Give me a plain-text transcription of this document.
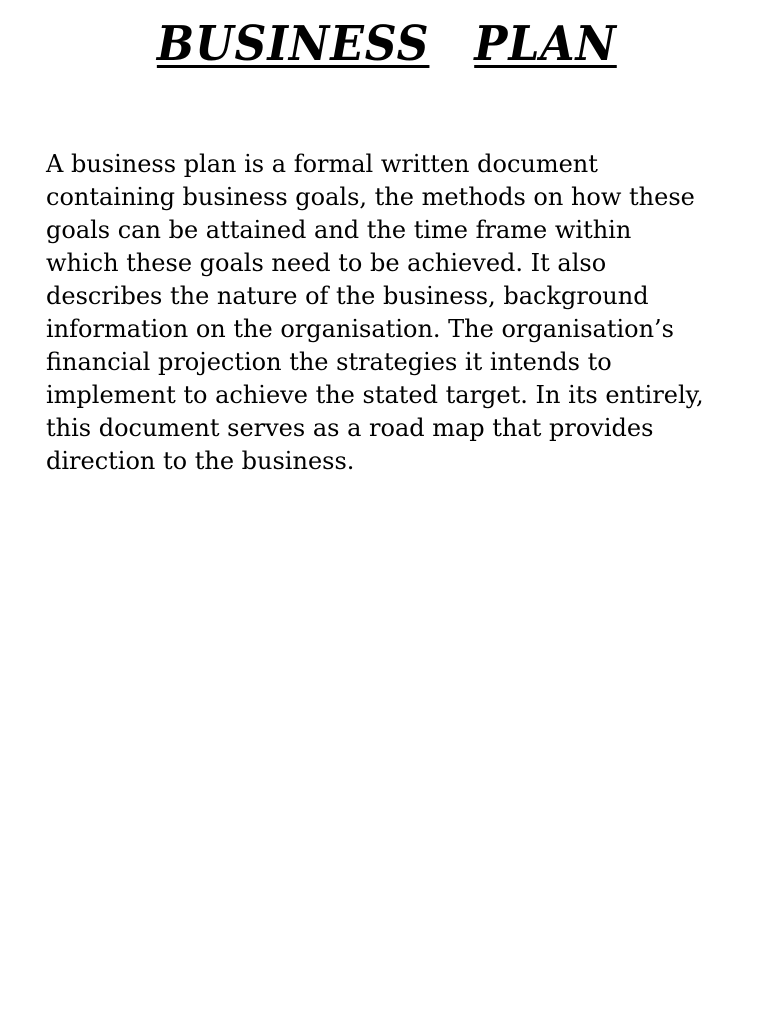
BUSINESS PLAN

A business plan is a formal written document
containing business goals, the methods on how these
goals can be attained and the time frame within
which these goals need to be achieved. It also
describes the nature of the business, background
information on the organisation. The organisation’s
financial projection the strategies it intends to
implement to achieve the stated target. In its entirely,
this document serves as a road map that provides
direction to the business.
